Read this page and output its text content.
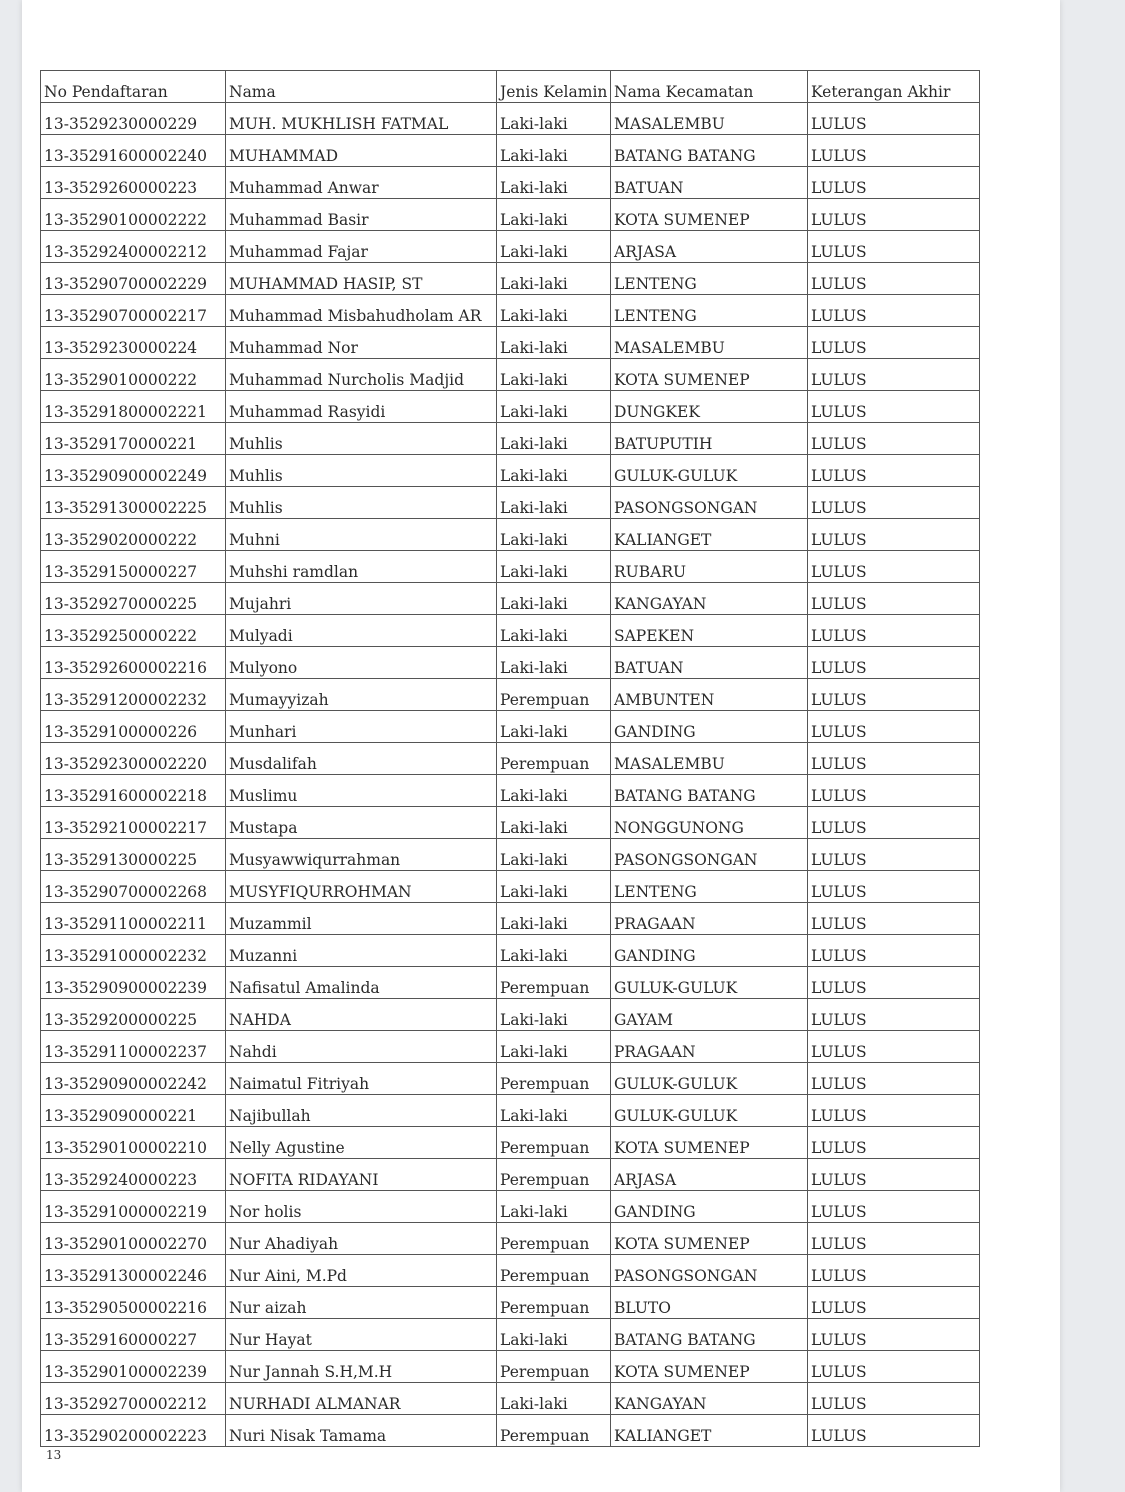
No Pendaftaran	Nama	Jenis Kelamin	Nama Kecamatan	Keterangan Akhir
13-3529230000229	MUH. MUKHLISH FATMAL	Laki-laki	MASALEMBU	LULUS
13-35291600002240	MUHAMMAD	Laki-laki	BATANG BATANG	LULUS
13-3529260000223	Muhammad Anwar	Laki-laki	BATUAN	LULUS
13-35290100002222	Muhammad Basir	Laki-laki	KOTA SUMENEP	LULUS
13-35292400002212	Muhammad Fajar	Laki-laki	ARJASA	LULUS
13-35290700002229	MUHAMMAD HASIP, ST	Laki-laki	LENTENG	LULUS
13-35290700002217	Muhammad Misbahudholam AR	Laki-laki	LENTENG	LULUS
13-3529230000224	Muhammad Nor	Laki-laki	MASALEMBU	LULUS
13-3529010000222	Muhammad Nurcholis Madjid	Laki-laki	KOTA SUMENEP	LULUS
13-35291800002221	Muhammad Rasyidi	Laki-laki	DUNGKEK	LULUS
13-3529170000221	Muhlis	Laki-laki	BATUPUTIH	LULUS
13-35290900002249	Muhlis	Laki-laki	GULUK-GULUK	LULUS
13-35291300002225	Muhlis	Laki-laki	PASONGSONGAN	LULUS
13-3529020000222	Muhni	Laki-laki	KALIANGET	LULUS
13-3529150000227	Muhshi ramdlan	Laki-laki	RUBARU	LULUS
13-3529270000225	Mujahri	Laki-laki	KANGAYAN	LULUS
13-3529250000222	Mulyadi	Laki-laki	SAPEKEN	LULUS
13-35292600002216	Mulyono	Laki-laki	BATUAN	LULUS
13-35291200002232	Mumayyizah	Perempuan	AMBUNTEN	LULUS
13-3529100000226	Munhari	Laki-laki	GANDING	LULUS
13-35292300002220	Musdalifah	Perempuan	MASALEMBU	LULUS
13-35291600002218	Muslimu	Laki-laki	BATANG BATANG	LULUS
13-35292100002217	Mustapa	Laki-laki	NONGGUNONG	LULUS
13-3529130000225	Musyawwiqurrahman	Laki-laki	PASONGSONGAN	LULUS
13-35290700002268	MUSYFIQURROHMAN	Laki-laki	LENTENG	LULUS
13-35291100002211	Muzammil	Laki-laki	PRAGAAN	LULUS
13-35291000002232	Muzanni	Laki-laki	GANDING	LULUS
13-35290900002239	Nafisatul Amalinda	Perempuan	GULUK-GULUK	LULUS
13-3529200000225	NAHDA	Laki-laki	GAYAM	LULUS
13-35291100002237	Nahdi	Laki-laki	PRAGAAN	LULUS
13-35290900002242	Naimatul Fitriyah	Perempuan	GULUK-GULUK	LULUS
13-3529090000221	Najibullah	Laki-laki	GULUK-GULUK	LULUS
13-35290100002210	Nelly Agustine	Perempuan	KOTA SUMENEP	LULUS
13-3529240000223	NOFITA RIDAYANI	Perempuan	ARJASA	LULUS
13-35291000002219	Nor holis	Laki-laki	GANDING	LULUS
13-35290100002270	Nur Ahadiyah	Perempuan	KOTA SUMENEP	LULUS
13-35291300002246	Nur Aini, M.Pd	Perempuan	PASONGSONGAN	LULUS
13-35290500002216	Nur aizah	Perempuan	BLUTO	LULUS
13-3529160000227	Nur Hayat	Laki-laki	BATANG BATANG	LULUS
13-35290100002239	Nur Jannah S.H,M.H	Perempuan	KOTA SUMENEP	LULUS
13-35292700002212	NURHADI ALMANAR	Laki-laki	KANGAYAN	LULUS
13-35290200002223	Nuri Nisak Tamama	Perempuan	KALIANGET	LULUS
13
